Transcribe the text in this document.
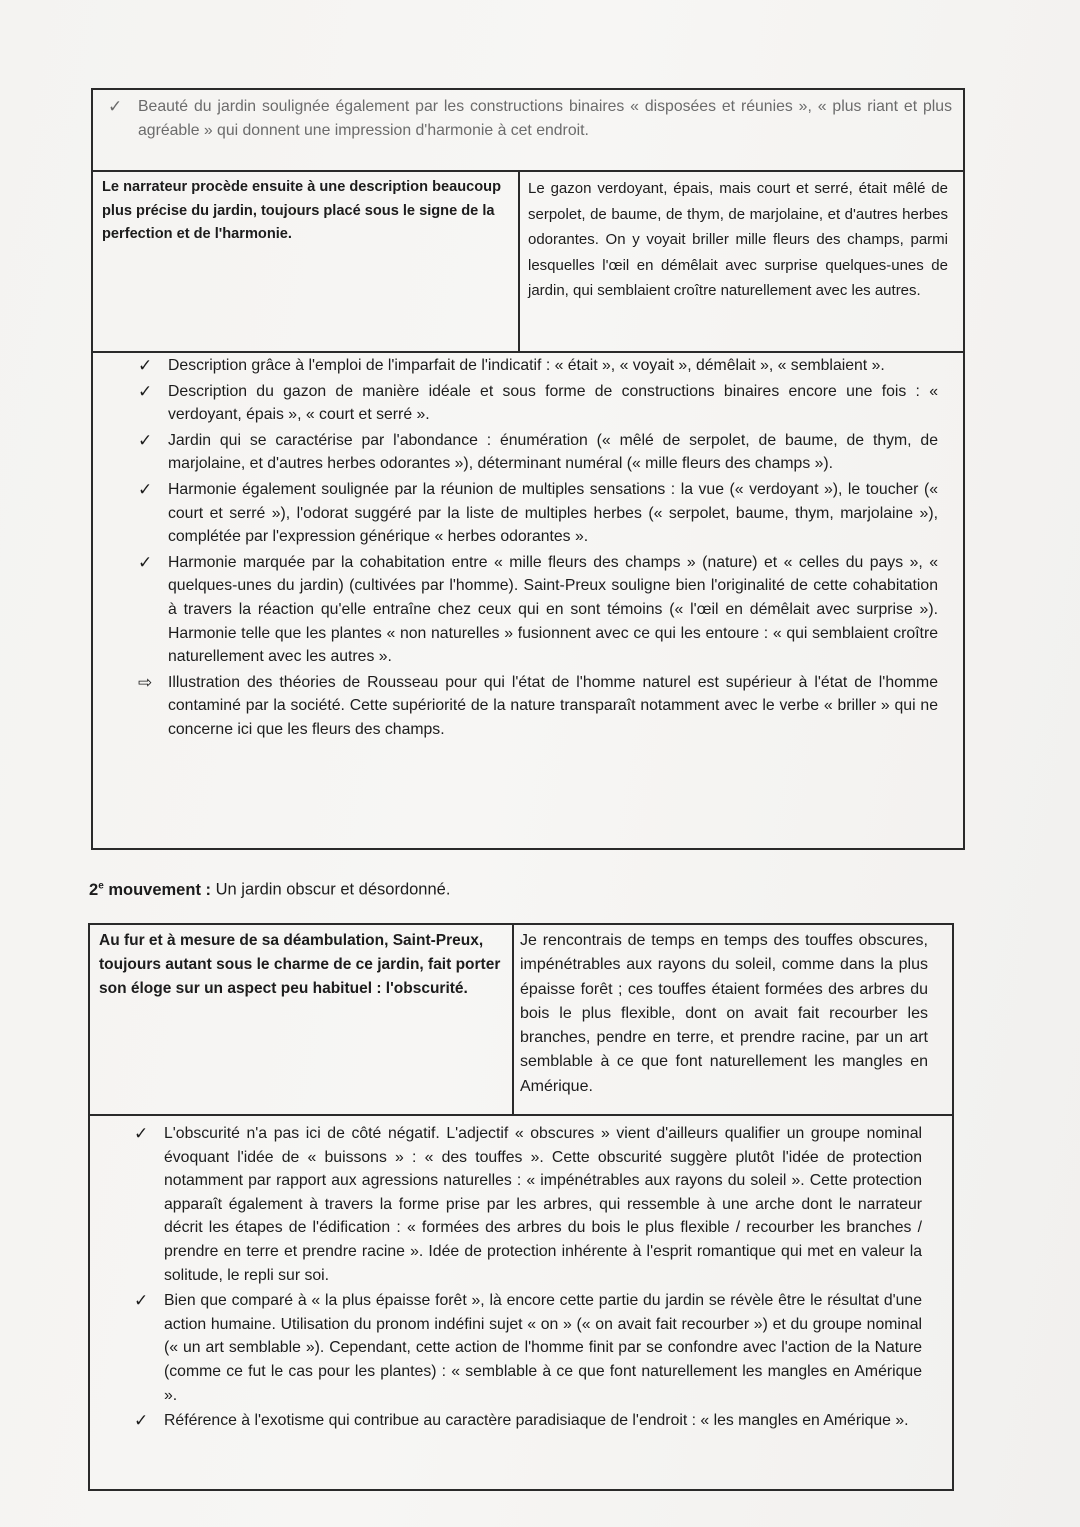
✓ Beauté du jardin soulignée également par les constructions binaires « disposées et réunies », « plus riant et plus agréable » qui donnent une impression d'harmonie à cet endroit.
Le narrateur procède ensuite à une description beaucoup plus précise du jardin, toujours placé sous le signe de la perfection et de l'harmonie.
Le gazon verdoyant, épais, mais court et serré, était mêlé de serpolet, de baume, de thym, de marjolaine, et d'autres herbes odorantes. On y voyait briller mille fleurs des champs, parmi lesquelles l'œil en démêlait avec surprise quelques-unes de jardin, qui semblaient croître naturellement avec les autres.
✓ Description grâce à l'emploi de l'imparfait de l'indicatif : « était », « voyait », démêlait », « semblaient ».
✓ Description du gazon de manière idéale et sous forme de constructions binaires encore une fois : « verdoyant, épais », « court et serré ».
✓ Jardin qui se caractérise par l'abondance : énumération (« mêlé de serpolet, de baume, de thym, de marjolaine, et d'autres herbes odorantes »), déterminant numéral (« mille fleurs des champs »).
✓ Harmonie également soulignée par la réunion de multiples sensations : la vue (« verdoyant »), le toucher (« court et serré »), l'odorat suggéré par la liste de multiples herbes (« serpolet, baume, thym, marjolaine »), complétée par l'expression générique « herbes odorantes ».
✓ Harmonie marquée par la cohabitation entre « mille fleurs des champs » (nature) et « celles du pays », « quelques-unes du jardin) (cultivées par l'homme). Saint-Preux souligne bien l'originalité de cette cohabitation à travers la réaction qu'elle entraîne chez ceux qui en sont témoins (« l'œil en démêlait avec surprise »). Harmonie telle que les plantes « non naturelles » fusionnent avec ce qui les entoure : « qui semblaient croître naturellement avec les autres ».
⇨ Illustration des théories de Rousseau pour qui l'état de l'homme naturel est supérieur à l'état de l'homme contaminé par la société. Cette supériorité de la nature transparaît notamment avec le verbe « briller » qui ne concerne ici que les fleurs des champs.
2e mouvement : Un jardin obscur et désordonné.
Au fur et à mesure de sa déambulation, Saint-Preux, toujours autant sous le charme de ce jardin, fait porter son éloge sur un aspect peu habituel : l'obscurité.
Je rencontrais de temps en temps des touffes obscures, impénétrables aux rayons du soleil, comme dans la plus épaisse forêt ; ces touffes étaient formées des arbres du bois le plus flexible, dont on avait fait recourber les branches, pendre en terre, et prendre racine, par un art semblable à ce que font naturellement les mangles en Amérique.
✓ L'obscurité n'a pas ici de côté négatif. L'adjectif « obscures » vient d'ailleurs qualifier un groupe nominal évoquant l'idée de « buissons » : « des touffes ». Cette obscurité suggère plutôt l'idée de protection notamment par rapport aux agressions naturelles : « impénétrables aux rayons du soleil ». Cette protection apparaît également à travers la forme prise par les arbres, qui ressemble à une arche dont le narrateur décrit les étapes de l'édification : « formées des arbres du bois le plus flexible / recourber les branches / prendre en terre et prendre racine ». Idée de protection inhérente à l'esprit romantique qui met en valeur la solitude, le repli sur soi.
✓ Bien que comparé à « la plus épaisse forêt », là encore cette partie du jardin se révèle être le résultat d'une action humaine. Utilisation du pronom indéfini sujet « on » (« on avait fait recourber ») et du groupe nominal (« un art semblable »). Cependant, cette action de l'homme finit par se confondre avec l'action de la Nature (comme ce fut le cas pour les plantes) : « semblable à ce que font naturellement les mangles en Amérique ».
✓ Référence à l'exotisme qui contribue au caractère paradisiaque de l'endroit : « les mangles en Amérique ».
